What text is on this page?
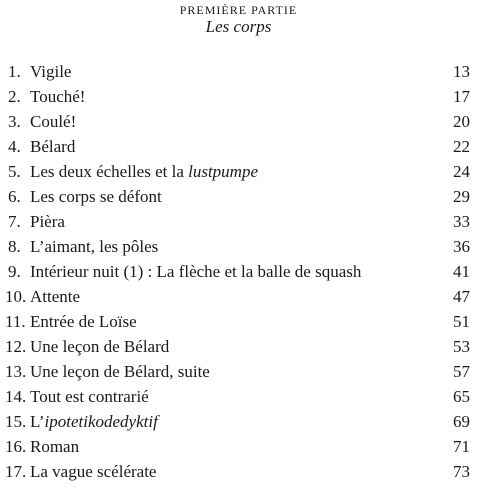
PREMIÈRE PARTIE
Les corps
1. Vigile	13
2. Touché!	17
3. Coulé!	20
4. Bélard	22
5. Les deux échelles et la lustpumpe	24
6. Les corps se défont	29
7. Pièra	33
8. L’aimant, les pôles	36
9. Intérieur nuit (1) : La flèche et la balle de squash	41
10. Attente	47
11. Entrée de Loïse	51
12. Une leçon de Bélard	53
13. Une leçon de Bélard, suite	57
14. Tout est contrarié	65
15. L’ipotetikodedyktif	69
16. Roman	71
17. La vague scélérate	73
